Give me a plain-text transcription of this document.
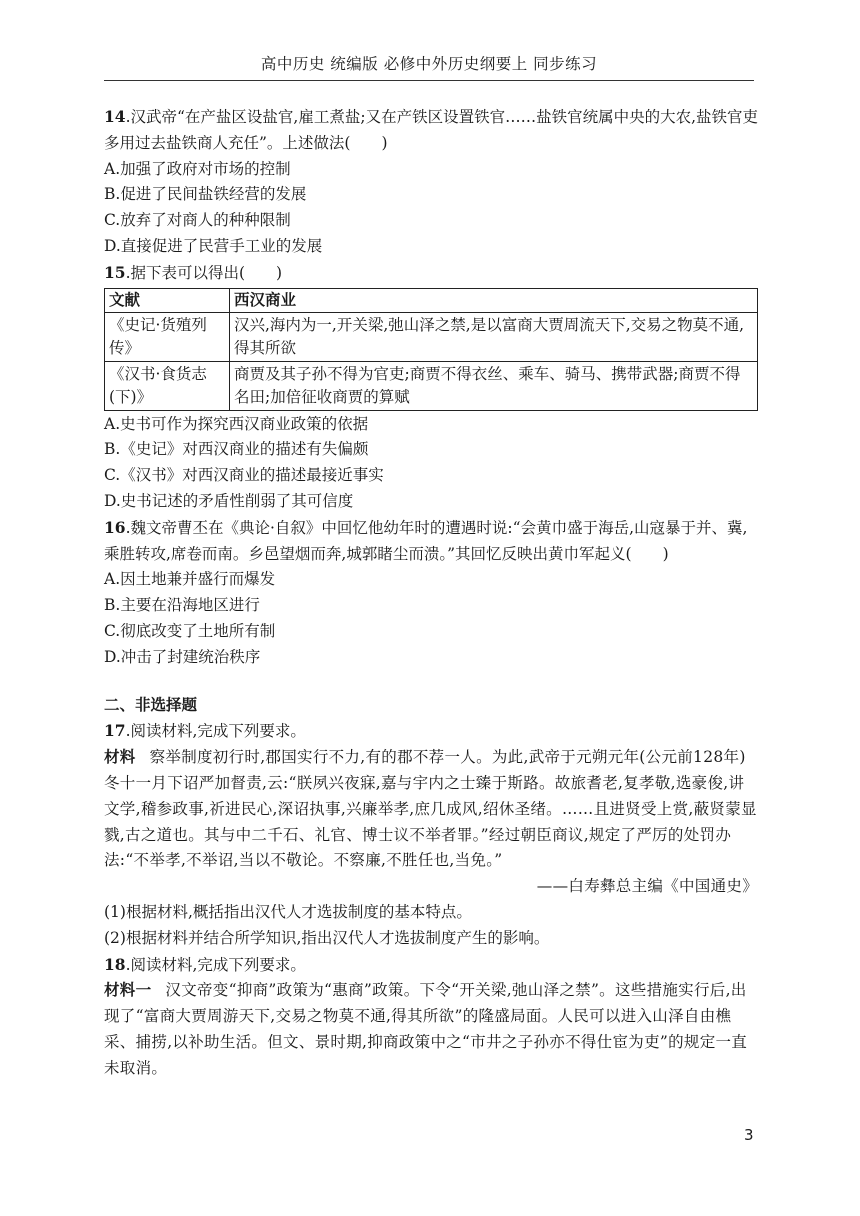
高中历史 统编版 必修中外历史纲要上 同步练习

14.汉武帝“在产盐区设盐官,雇工煮盐;又在产铁区设置铁官……盐铁官统属中央的大农,盐铁官吏多用过去盐铁商人充任”。上述做法(　　)

A.加强了政府对市场的控制

B.促进了民间盐铁经营的发展

C.放弃了对商人的种种限制

D.直接促进了民营手工业的发展

15.据下表可以得出(　　)

文献	西汉商业
《史记·货殖列传》	汉兴,海内为一,开关梁,弛山泽之禁,是以富商大贾周流天下,交易之物莫不通,得其所欲
《汉书·食货志(下)》	商贾及其子孙不得为官吏;商贾不得衣丝、乘车、骑马、携带武器;商贾不得名田;加倍征收商贾的算赋

A.史书可作为探究西汉商业政策的依据

B.《史记》对西汉商业的描述有失偏颇

C.《汉书》对西汉商业的描述最接近事实

D.史书记述的矛盾性削弱了其可信度

16.魏文帝曹丕在《典论·自叙》中回忆他幼年时的遭遇时说:“会黄巾盛于海岳,山寇暴于并、冀,乘胜转攻,席卷而南。乡邑望烟而奔,城郭睹尘而溃。”其回忆反映出黄巾军起义(　　)

A.因土地兼并盛行而爆发

B.主要在沿海地区进行

C.彻底改变了土地所有制

D.冲击了封建统治秩序

二、非选择题

17.阅读材料,完成下列要求。

材料 察举制度初行时,郡国实行不力,有的郡不荐一人。为此,武帝于元朔元年(公元前128年)冬十一月下诏严加督责,云:“朕夙兴夜寐,嘉与宇内之士臻于斯路。故旅耆老,复孝敬,选豪俊,讲文学,稽参政事,祈进民心,深诏执事,兴廉举孝,庶几成风,绍休圣绪。……且进贤受上赏,蔽贤蒙显戮,古之道也。其与中二千石、礼官、博士议不举者罪。”经过朝臣商议,规定了严厉的处罚办法:“不举孝,不举诏,当以不敬论。不察廉,不胜任也,当免。”

——白寿彝总主编《中国通史》

(1)根据材料,概括指出汉代人才选拔制度的基本特点。

(2)根据材料并结合所学知识,指出汉代人才选拔制度产生的影响。

18.阅读材料,完成下列要求。

材料一 汉文帝变“抑商”政策为“惠商”政策。下令“开关梁,弛山泽之禁”。这些措施实行后,出现了“富商大贾周游天下,交易之物莫不通,得其所欲”的隆盛局面。人民可以进入山泽自由樵采、捕捞,以补助生活。但文、景时期,抑商政策中之“市井之子孙亦不得仕宦为吏”的规定一直未取消。

3
